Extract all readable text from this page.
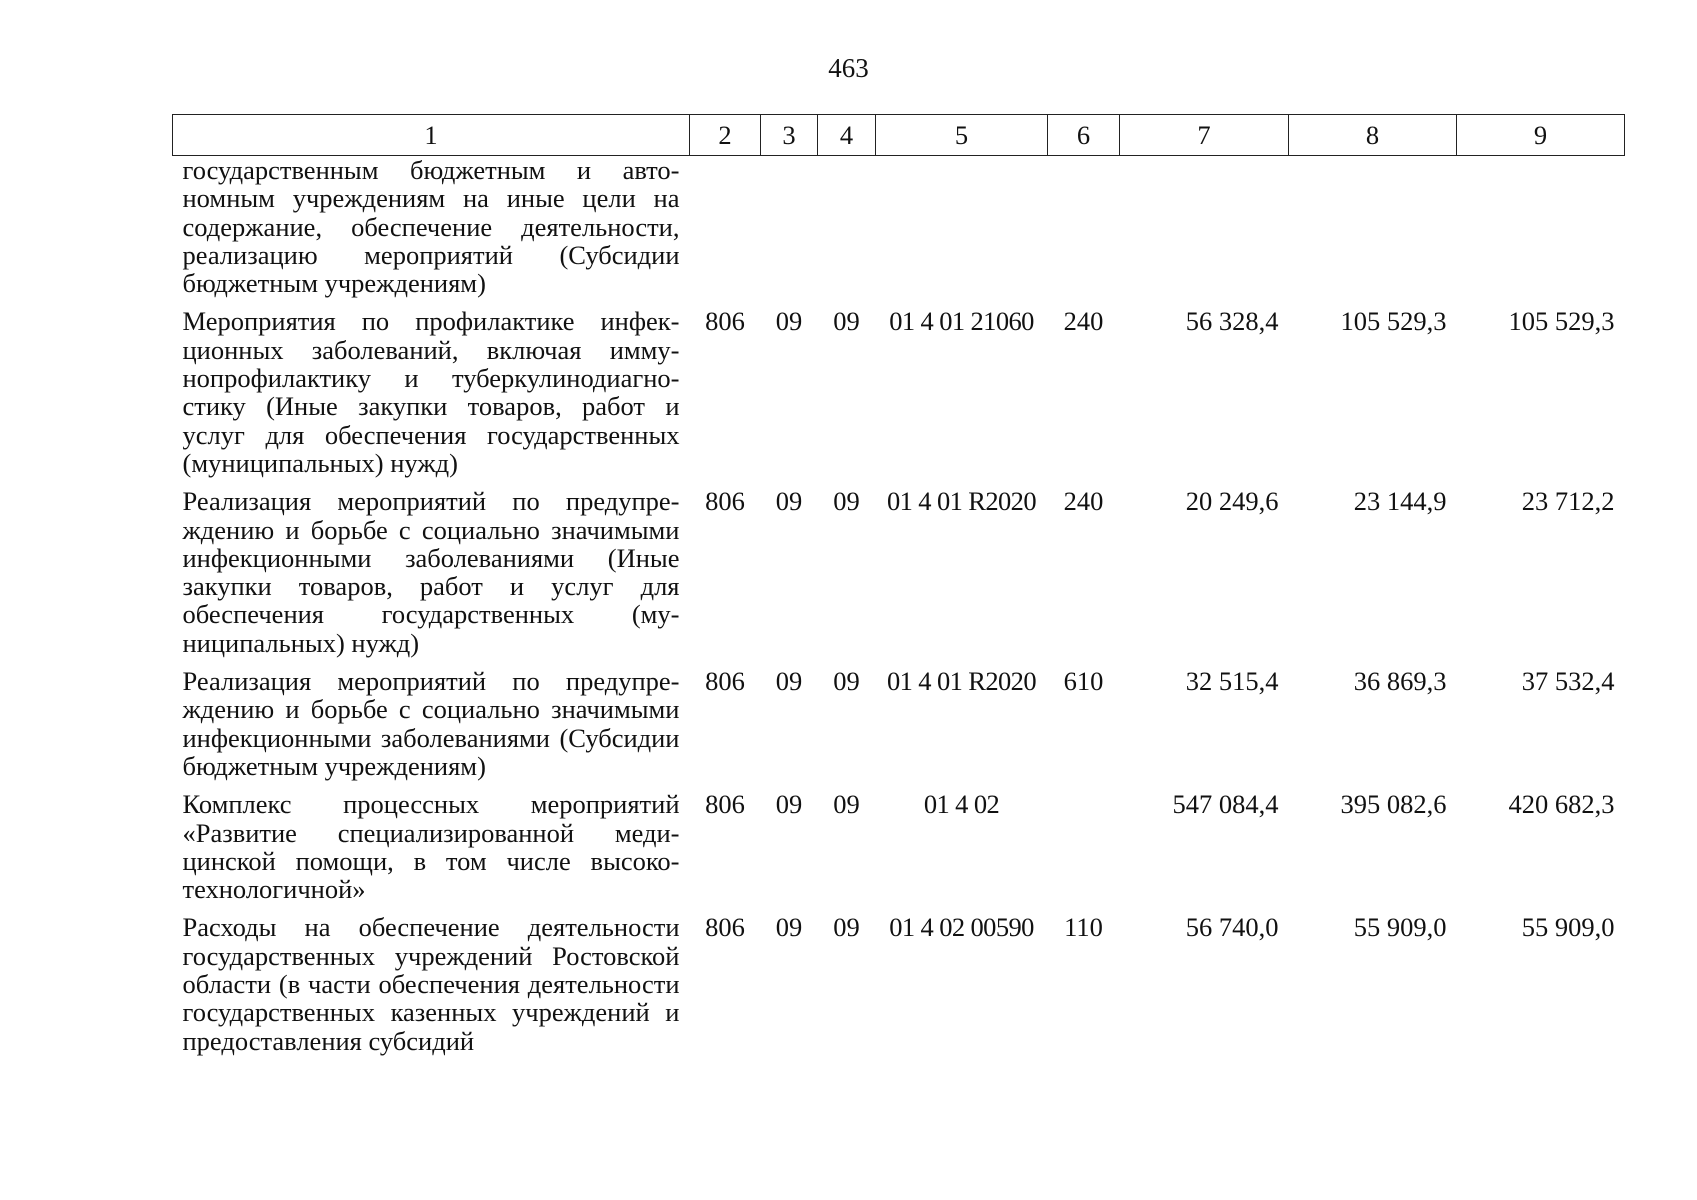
463
1	2	3	4	5	6	7	8	9
государственным бюджетным и автономным учреждениям на иные цели на содержание, обеспечение деятельности, реализацию мероприятий (Субсидии бюджетным учреждениям)								
Мероприятия по профилактике инфекционных заболеваний, включая иммунопрофилактику и туберкулинодиагностику (Иные закупки товаров, работ и услуг для обеспечения государственных (муниципальных) нужд)	806	09	09	01 4 01 21060	240	56 328,4	105 529,3	105 529,3
Реализация мероприятий по предупреждению и борьбе с социально значимыми инфекционными заболеваниями (Иные закупки товаров, работ и услуг для обеспечения государственных (муниципальных) нужд)	806	09	09	01 4 01 R2020	240	20 249,6	23 144,9	23 712,2
Реализация мероприятий по предупреждению и борьбе с социально значимыми инфекционными заболеваниями (Субсидии бюджетным учреждениям)	806	09	09	01 4 01 R2020	610	32 515,4	36 869,3	37 532,4
Комплекс процессных мероприятий «Развитие специализированной медицинской помощи, в том числе высокотехнологичной»	806	09	09	01 4 02		547 084,4	395 082,6	420 682,3
Расходы на обеспечение деятельности государственных учреждений Ростовской области (в части обеспечения деятельности государственных казенных учреждений и предоставления субсидий	806	09	09	01 4 02 00590	110	56 740,0	55 909,0	55 909,0
